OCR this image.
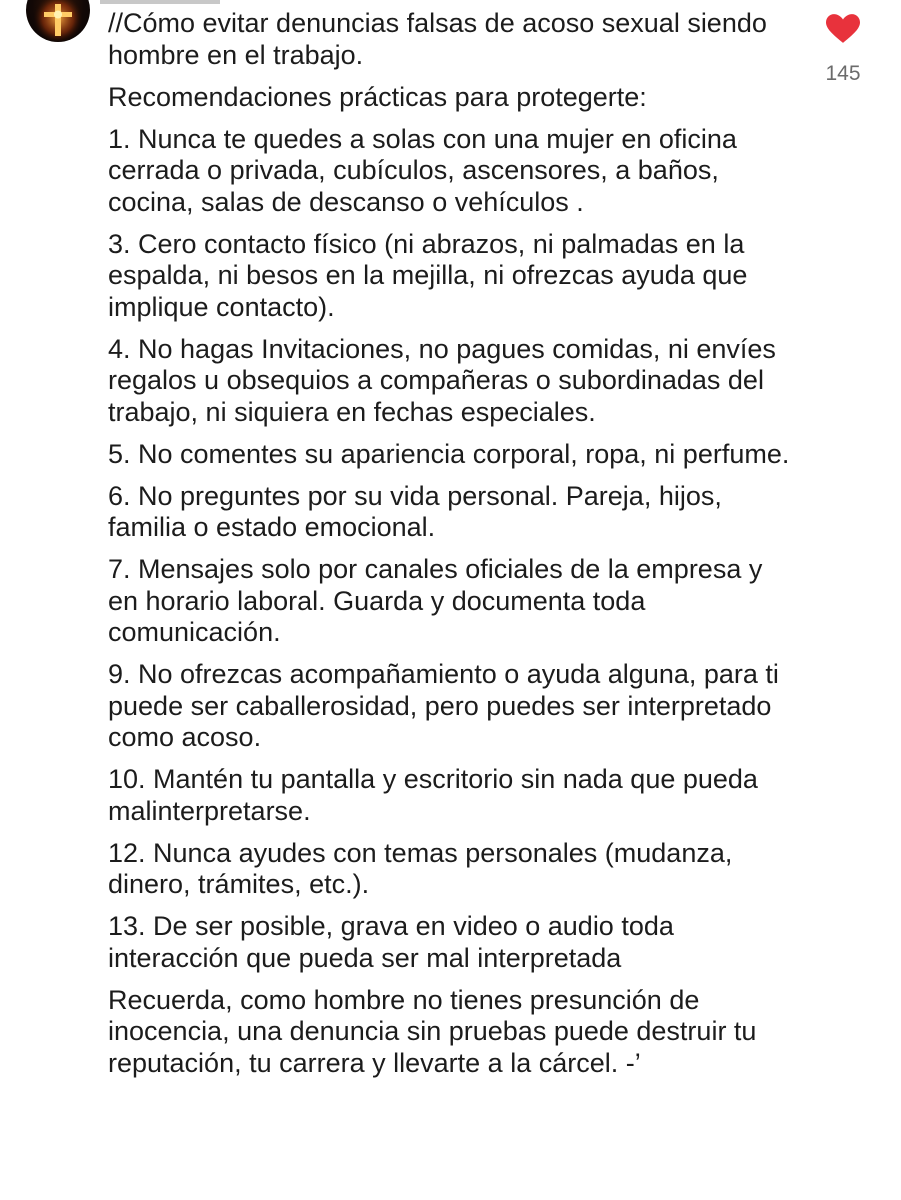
//Cómo evitar denuncias falsas de acoso sexual siendo hombre en el trabajo.

Recomendaciones prácticas para protegerte:

1. Nunca te quedes a solas con una mujer en oficina cerrada o privada, cubículos, ascensores, a baños, cocina, salas de descanso o vehículos .

3. Cero contacto físico (ni abrazos, ni palmadas en la espalda, ni besos en la mejilla, ni ofrezcas ayuda que implique contacto).

4. No hagas Invitaciones, no pagues comidas, ni envíes regalos u obsequios a compañeras o subordinadas del trabajo, ni siquiera en fechas especiales.

5. No comentes su apariencia corporal, ropa, ni perfume.

6. No preguntes por su vida personal. Pareja, hijos, familia o estado emocional.

7. Mensajes solo por canales oficiales de la empresa y en horario laboral. Guarda y documenta toda comunicación.

9. No ofrezcas acompañamiento o ayuda alguna, para ti puede ser caballerosidad, pero puedes ser interpretado como acoso.

10. Mantén tu pantalla y escritorio sin nada que pueda malinterpretarse.

12. Nunca ayudes con temas personales (mudanza, dinero, trámites, etc.).

13. De ser posible, grava en video o audio toda interacción que pueda ser mal interpretada

Recuerda, como hombre no tienes presunción de inocencia, una denuncia sin pruebas puede destruir tu reputación, tu carrera y llevarte a la cárcel. -’

145
